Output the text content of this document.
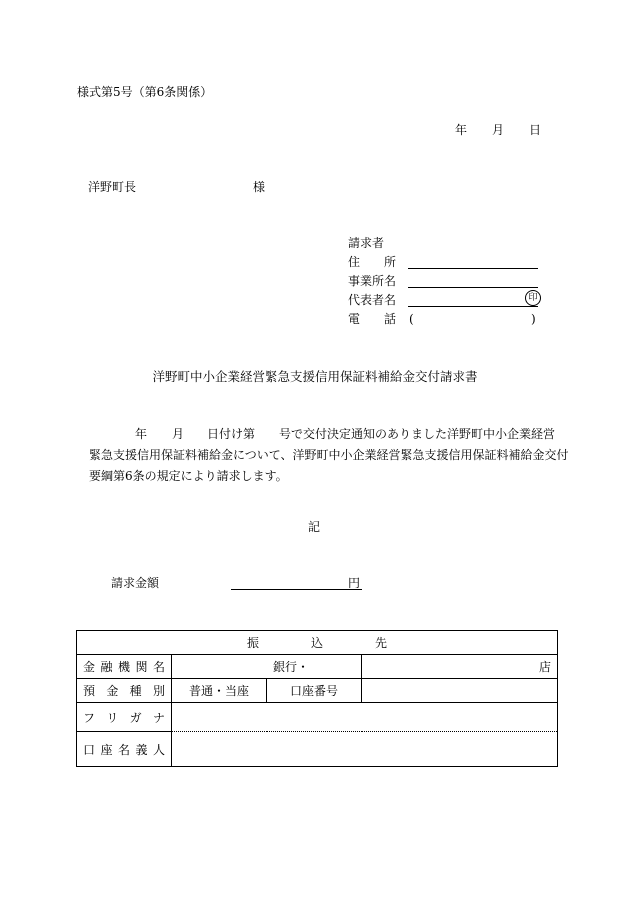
様式第5号（第6条関係）
年 月 日
洋野町長	様
請求者
住 所
事業所名
代表者名	印
電 話 (	)
洋野町中小企業経営緊急支援信用保証料補給金交付請求書
年 月 日付け第 号で交付決定通知のありました洋野町中小企業経営
緊急支援信用保証料補給金について、洋野町中小企業経営緊急支援信用保証料補給金交付
要綱第6条の規定により請求します。
記
請求金額	円
振 込 先			

金 融 機 関 名	銀行・		店

預 金 種 別	普通・当座	口座番号	

フ リ ガ ナ			

口 座 名 義 人			
